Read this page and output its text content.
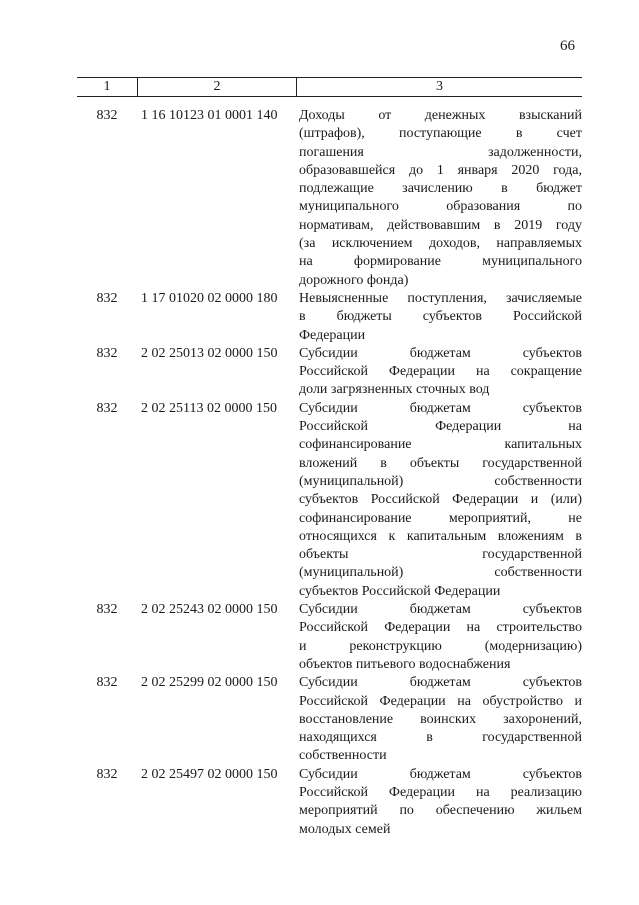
66
1	2	3
832	1 16 10123 01 0001 140	Доходы от денежных взысканий
(штрафов), поступающие в счет
погашения задолженности,
образовавшейся до 1 января 2020 года,
подлежащие зачислению в бюджет
муниципального образования по
нормативам, действовавшим в 2019 году
(за исключением доходов, направляемых
на формирование муниципального
дорожного фонда)
832	1 17 01020 02 0000 180	Невыясненные поступления, зачисляемые
в бюджеты субъектов Российской
Федерации
832	2 02 25013 02 0000 150	Субсидии бюджетам субъектов
Российской Федерации на сокращение
доли загрязненных сточных вод
832	2 02 25113 02 0000 150	Субсидии бюджетам субъектов
Российской Федерации на
софинансирование капитальных
вложений в объекты государственной
(муниципальной) собственности
субъектов Российской Федерации и (или)
софинансирование мероприятий, не
относящихся к капитальным вложениям в
объекты государственной
(муниципальной) собственности
субъектов Российской Федерации
832	2 02 25243 02 0000 150	Субсидии бюджетам субъектов
Российской Федерации на строительство
и реконструкцию (модернизацию)
объектов питьевого водоснабжения
832	2 02 25299 02 0000 150	Субсидии бюджетам субъектов
Российской Федерации на обустройство и
восстановление воинских захоронений,
находящихся в государственной
собственности
832	2 02 25497 02 0000 150	Субсидии бюджетам субъектов
Российской Федерации на реализацию
мероприятий по обеспечению жильем
молодых семей
